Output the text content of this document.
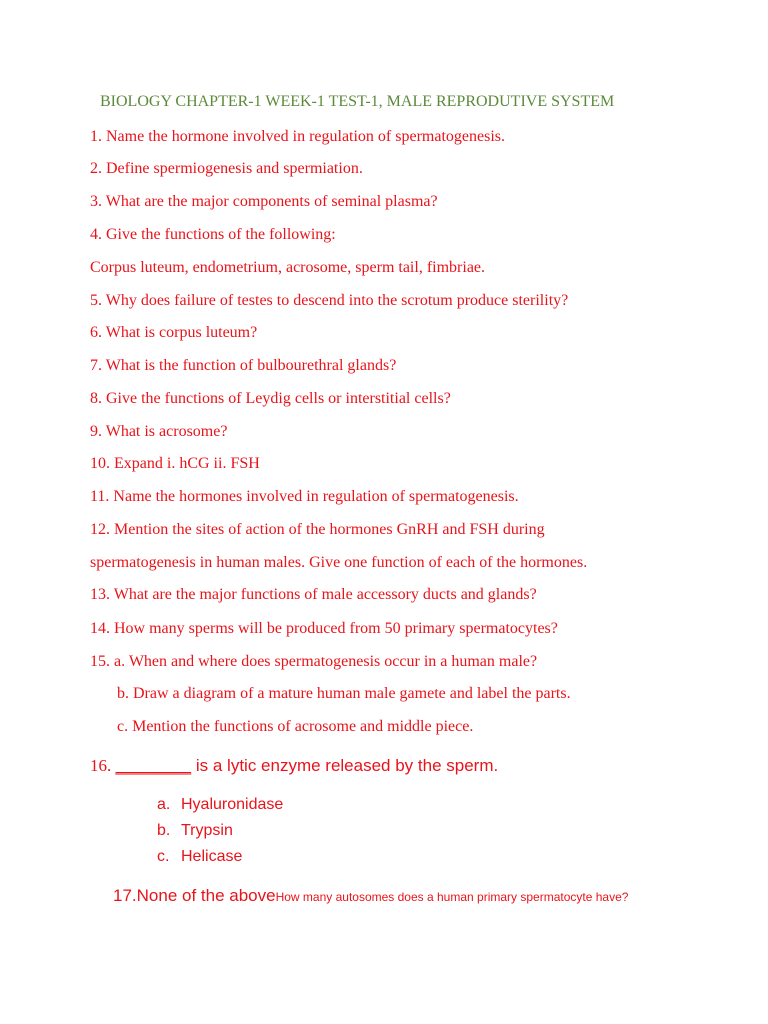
BIOLOGY CHAPTER-1 WEEK-1 TEST-1, MALE REPRODUTIVE SYSTEM
1. Name the hormone involved in regulation of spermatogenesis.
2. Define spermiogenesis and spermiation.
3. What are the major components of seminal plasma?
4. Give the functions of the following:
Corpus luteum, endometrium, acrosome, sperm tail, fimbriae.
5. Why does failure of testes to descend into the scrotum produce sterility?
6. What is corpus luteum?
7. What is the function of bulbourethral glands?
8. Give the functions of Leydig cells or interstitial cells?
9. What is acrosome?
10. Expand i. hCG ii. FSH
11. Name the hormones involved in regulation of spermatogenesis.
12. Mention the sites of action of the hormones GnRH and FSH during
spermatogenesis in human males. Give one function of each of the hormones.
13. What are the major functions of male accessory ducts and glands?
14. How many sperms will be produced from 50 primary spermatocytes?
15. a. When and where does spermatogenesis occur in a human male?
b. Draw a diagram of a mature human male gamete and label the parts.
c. Mention the functions of acrosome and middle piece.
16. ________ is a lytic enzyme released by the sperm.
a. Hyaluronidase
b. Trypsin
c. Helicase
17.None of the aboveHow many autosomes does a human primary spermatocyte have?
